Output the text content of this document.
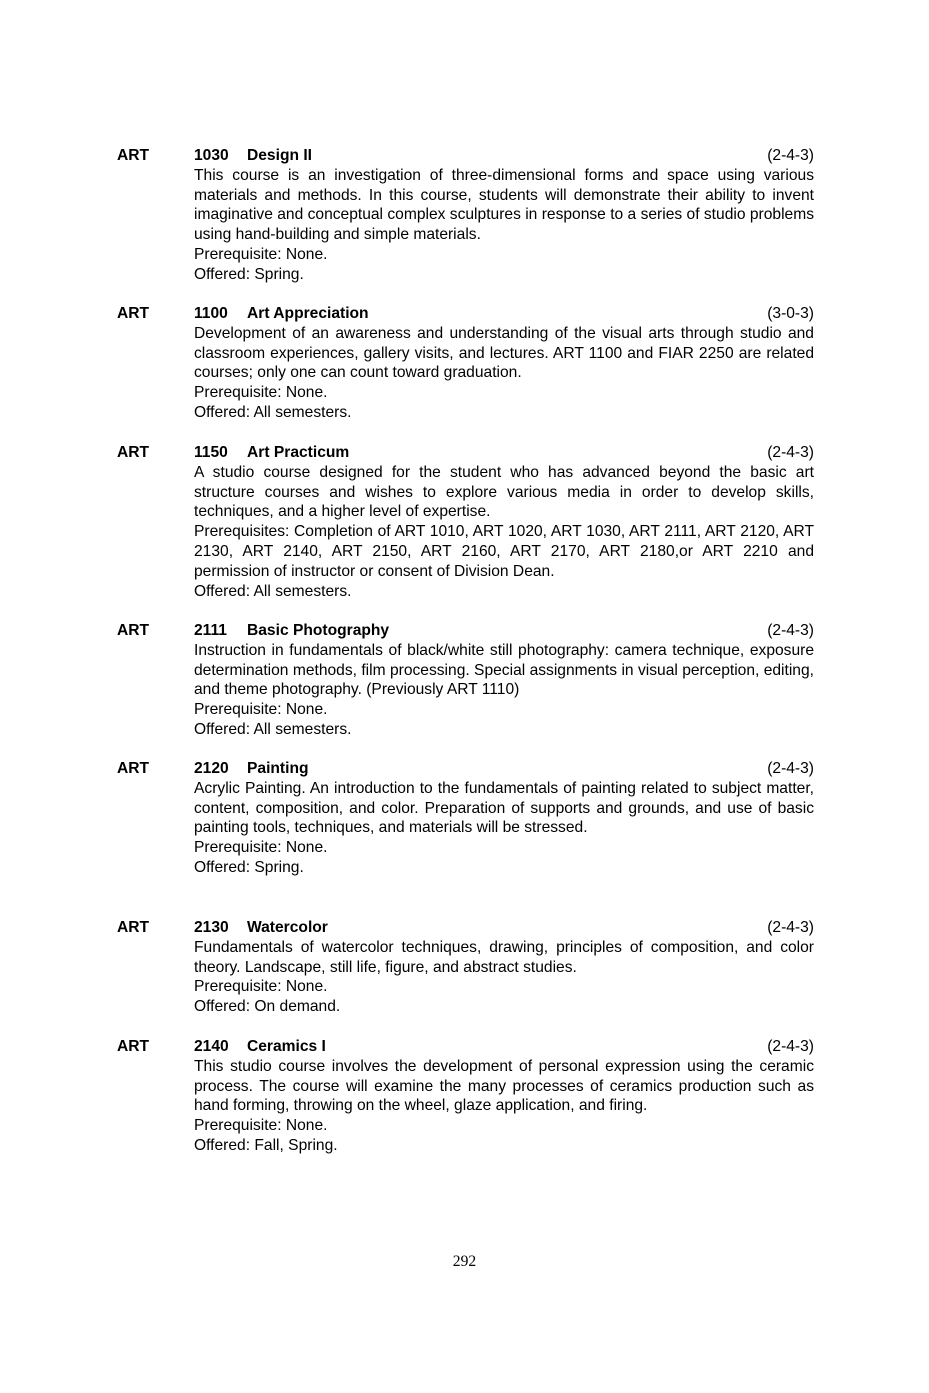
ART	1030 Design II	(2-4-3)

This course is an investigation of three-dimensional forms and space using various materials and methods. In this course, students will demonstrate their ability to invent imaginative and conceptual complex sculptures in response to a series of studio problems using hand-building and simple materials.

Prerequisite: None.

Offered: Spring.

ART	1100 Art Appreciation	(3-0-3)

Development of an awareness and understanding of the visual arts through studio and classroom experiences, gallery visits, and lectures. ART 1100 and FIAR 2250 are related courses; only one can count toward graduation.

Prerequisite: None.

Offered: All semesters.

ART	1150 Art Practicum	(2-4-3)

A studio course designed for the student who has advanced beyond the basic art structure courses and wishes to explore various media in order to develop skills, techniques, and a higher level of expertise.

Prerequisites: Completion of ART 1010, ART 1020, ART 1030, ART 2111, ART 2120, ART 2130, ART 2140, ART 2150, ART 2160, ART 2170, ART 2180,or ART 2210 and permission of instructor or consent of Division Dean.

Offered: All semesters.

ART	2111 Basic Photography	(2-4-3)

Instruction in fundamentals of black/white still photography: camera technique, exposure determination methods, film processing. Special assignments in visual perception, editing, and theme photography. (Previously ART 1110)

Prerequisite: None.

Offered: All semesters.

ART	2120 Painting	(2-4-3)

Acrylic Painting. An introduction to the fundamentals of painting related to subject matter, content, composition, and color. Preparation of supports and grounds, and use of basic painting tools, techniques, and materials will be stressed.

Prerequisite: None.

Offered: Spring.

ART	2130 Watercolor	(2-4-3)

Fundamentals of watercolor techniques, drawing, principles of composition, and color theory. Landscape, still life, figure, and abstract studies.

Prerequisite: None.

Offered: On demand.

ART	2140 Ceramics I	(2-4-3)

This studio course involves the development of personal expression using the ceramic process. The course will examine the many processes of ceramics production such as hand forming, throwing on the wheel, glaze application, and firing.

Prerequisite: None.

Offered: Fall, Spring.

292
